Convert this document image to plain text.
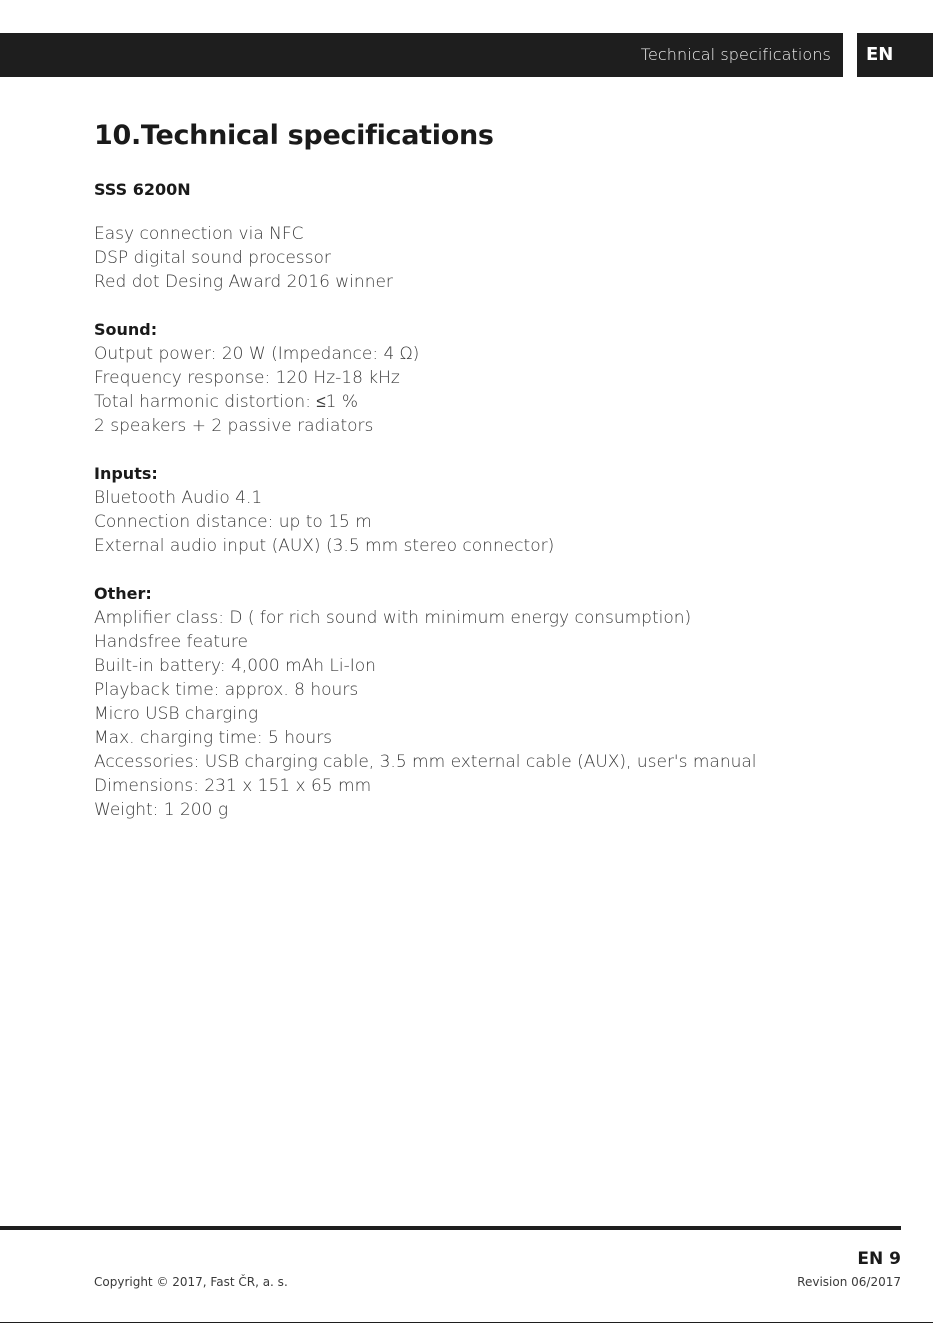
Technical specifications EN
10.Technical specifications
SSS 6200N
Easy connection via NFC
DSP digital sound processor
Red dot Desing Award 2016 winner
Sound:
Output power: 20 W (Impedance: 4 Ω)
Frequency response: 120 Hz-18 kHz
Total harmonic distortion: ≤1 %
2 speakers + 2 passive radiators
Inputs:
Bluetooth Audio 4.1
Connection distance: up to 15 m
External audio input (AUX) (3.5 mm stereo connector)
Other:
Amplifier class: D ( for rich sound with minimum energy consumption)
Handsfree feature
Built-in battery: 4,000 mAh Li-Ion
Playback time: approx. 8 hours
Micro USB charging
Max. charging time: 5 hours
Accessories: USB charging cable, 3.5 mm external cable (AUX), user's manual
Dimensions: 231 x 151 x 65 mm
Weight: 1 200 g
EN 9
Copyright © 2017, Fast ČR, a. s.	Revision 06/2017
